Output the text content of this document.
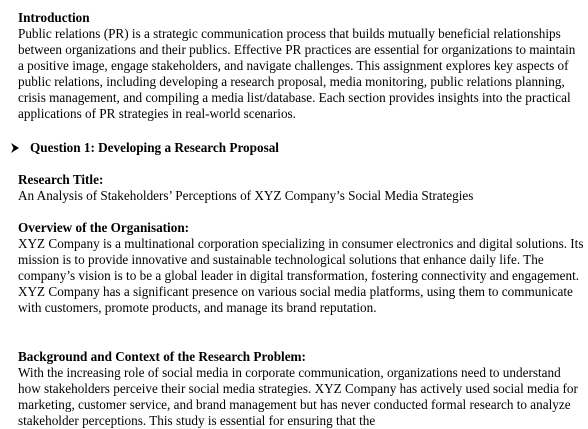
Introduction
Public relations (PR) is a strategic communication process that builds mutually beneficial relationships between organizations and their publics. Effective PR practices are essential for organizations to maintain a positive image, engage stakeholders, and navigate challenges. This assignment explores key aspects of public relations, including developing a research proposal, media monitoring, public relations planning, crisis management, and compiling a media list/database. Each section provides insights into the practical applications of PR strategies in real-world scenarios.
Question 1: Developing a Research Proposal
Research Title:
An Analysis of Stakeholders’ Perceptions of XYZ Company’s Social Media Strategies
Overview of the Organisation:
XYZ Company is a multinational corporation specializing in consumer electronics and digital solutions. Its mission is to provide innovative and sustainable technological solutions that enhance daily life. The company’s vision is to be a global leader in digital transformation, fostering connectivity and engagement. XYZ Company has a significant presence on various social media platforms, using them to communicate with customers, promote products, and manage its brand reputation.
Background and Context of the Research Problem:
With the increasing role of social media in corporate communication, organizations need to understand how stakeholders perceive their social media strategies. XYZ Company has actively used social media for marketing, customer service, and brand management but has never conducted formal research to analyze stakeholder perceptions. This study is essential for ensuring that the
